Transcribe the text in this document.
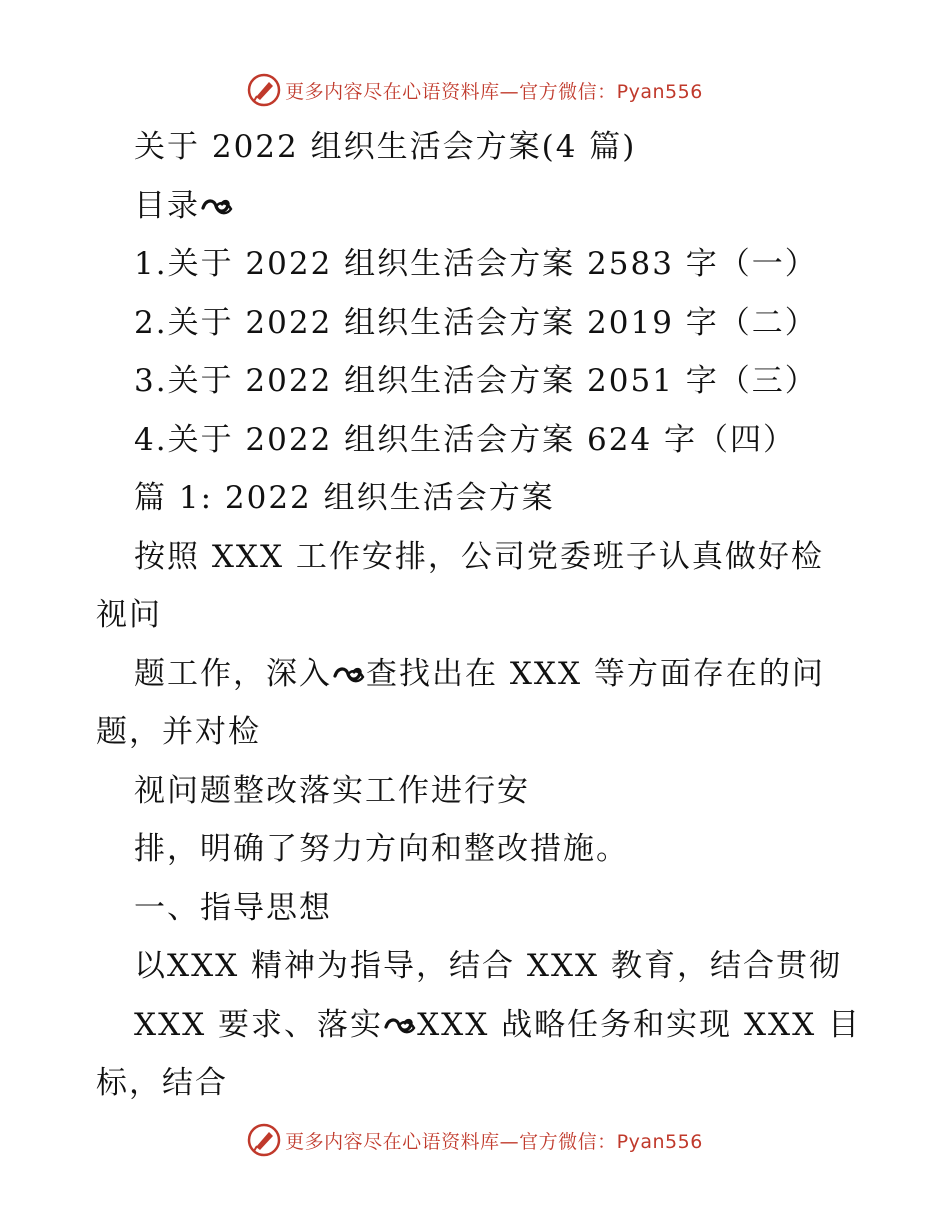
更多内容尽在心语资料库—官方微信：Pyan556
关于 2022 组织生活会方案(4 篇)
目录
1.关于 2022 组织生活会方案 2583 字（一）
2.关于 2022 组织生活会方案 2019 字（二）
3.关于 2022 组织生活会方案 2051 字（三）
4.关于 2022 组织生活会方案 624 字（四）
篇 1: 2022 组织生活会方案
按照 XXX 工作安排，公司党委班子认真做好检
视问
题工作，深入 查找出在 XXX 等方面存在的问
题，并对检
视问题整改落实工作进行安
排，明确了努力方向和整改措施。
一、指导思想
以XXX 精神为指导，结合 XXX 教育，结合贯彻
XXX 要求、落实 XXX 战略任务和实现 XXX 目
标，结合
更多内容尽在心语资料库—官方微信：Pyan556
